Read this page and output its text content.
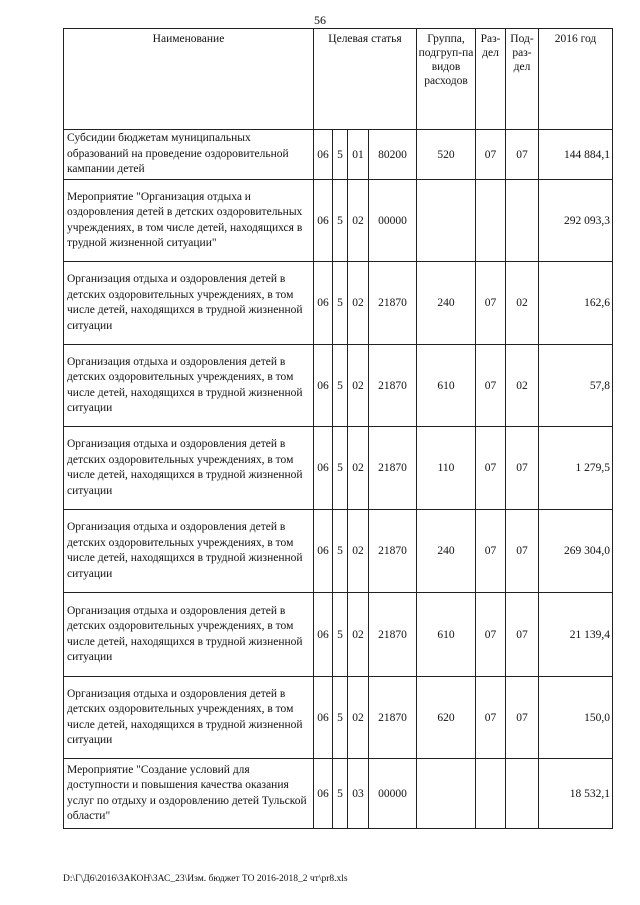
56
Наименование	Целевая статья				Группа, подгруп-па видов расходов	Раз-дел	Под-раз-дел	2016 год
Субсидии бюджетам муниципальных образований на проведение оздоровительной кампании детей	06	5	01	80200	520	07	07	144 884,1
Мероприятие "Организация отдыха и оздоровления детей в детских оздоровительных учреждениях, в том числе детей, находящихся в трудной жизненной ситуации"	06	5	02	00000				292 093,3
Организация отдыха и оздоровления детей в детских оздоровительных учреждениях, в том числе детей, находящихся в трудной жизненной ситуации	06	5	02	21870	240	07	02	162,6
Организация отдыха и оздоровления детей в детских оздоровительных учреждениях, в том числе детей, находящихся в трудной жизненной ситуации	06	5	02	21870	610	07	02	57,8
Организация отдыха и оздоровления детей в детских оздоровительных учреждениях, в том числе детей, находящихся в трудной жизненной ситуации	06	5	02	21870	110	07	07	1 279,5
Организация отдыха и оздоровления детей в детских оздоровительных учреждениях, в том числе детей, находящихся в трудной жизненной ситуации	06	5	02	21870	240	07	07	269 304,0
Организация отдыха и оздоровления детей в детских оздоровительных учреждениях, в том числе детей, находящихся в трудной жизненной ситуации	06	5	02	21870	610	07	07	21 139,4
Организация отдыха и оздоровления детей в детских оздоровительных учреждениях, в том числе детей, находящихся в трудной жизненной ситуации	06	5	02	21870	620	07	07	150,0
Мероприятие "Создание условий для доступности и повышения качества оказания услуг по отдыху и оздоровлению детей Тульской области"	06	5	03	00000				18 532,1
D:\Г\Д6\2016\ЗАКОН\ЗАС_23\Изм. бюджет ТО 2016-2018_2 чт\pr8.xls
